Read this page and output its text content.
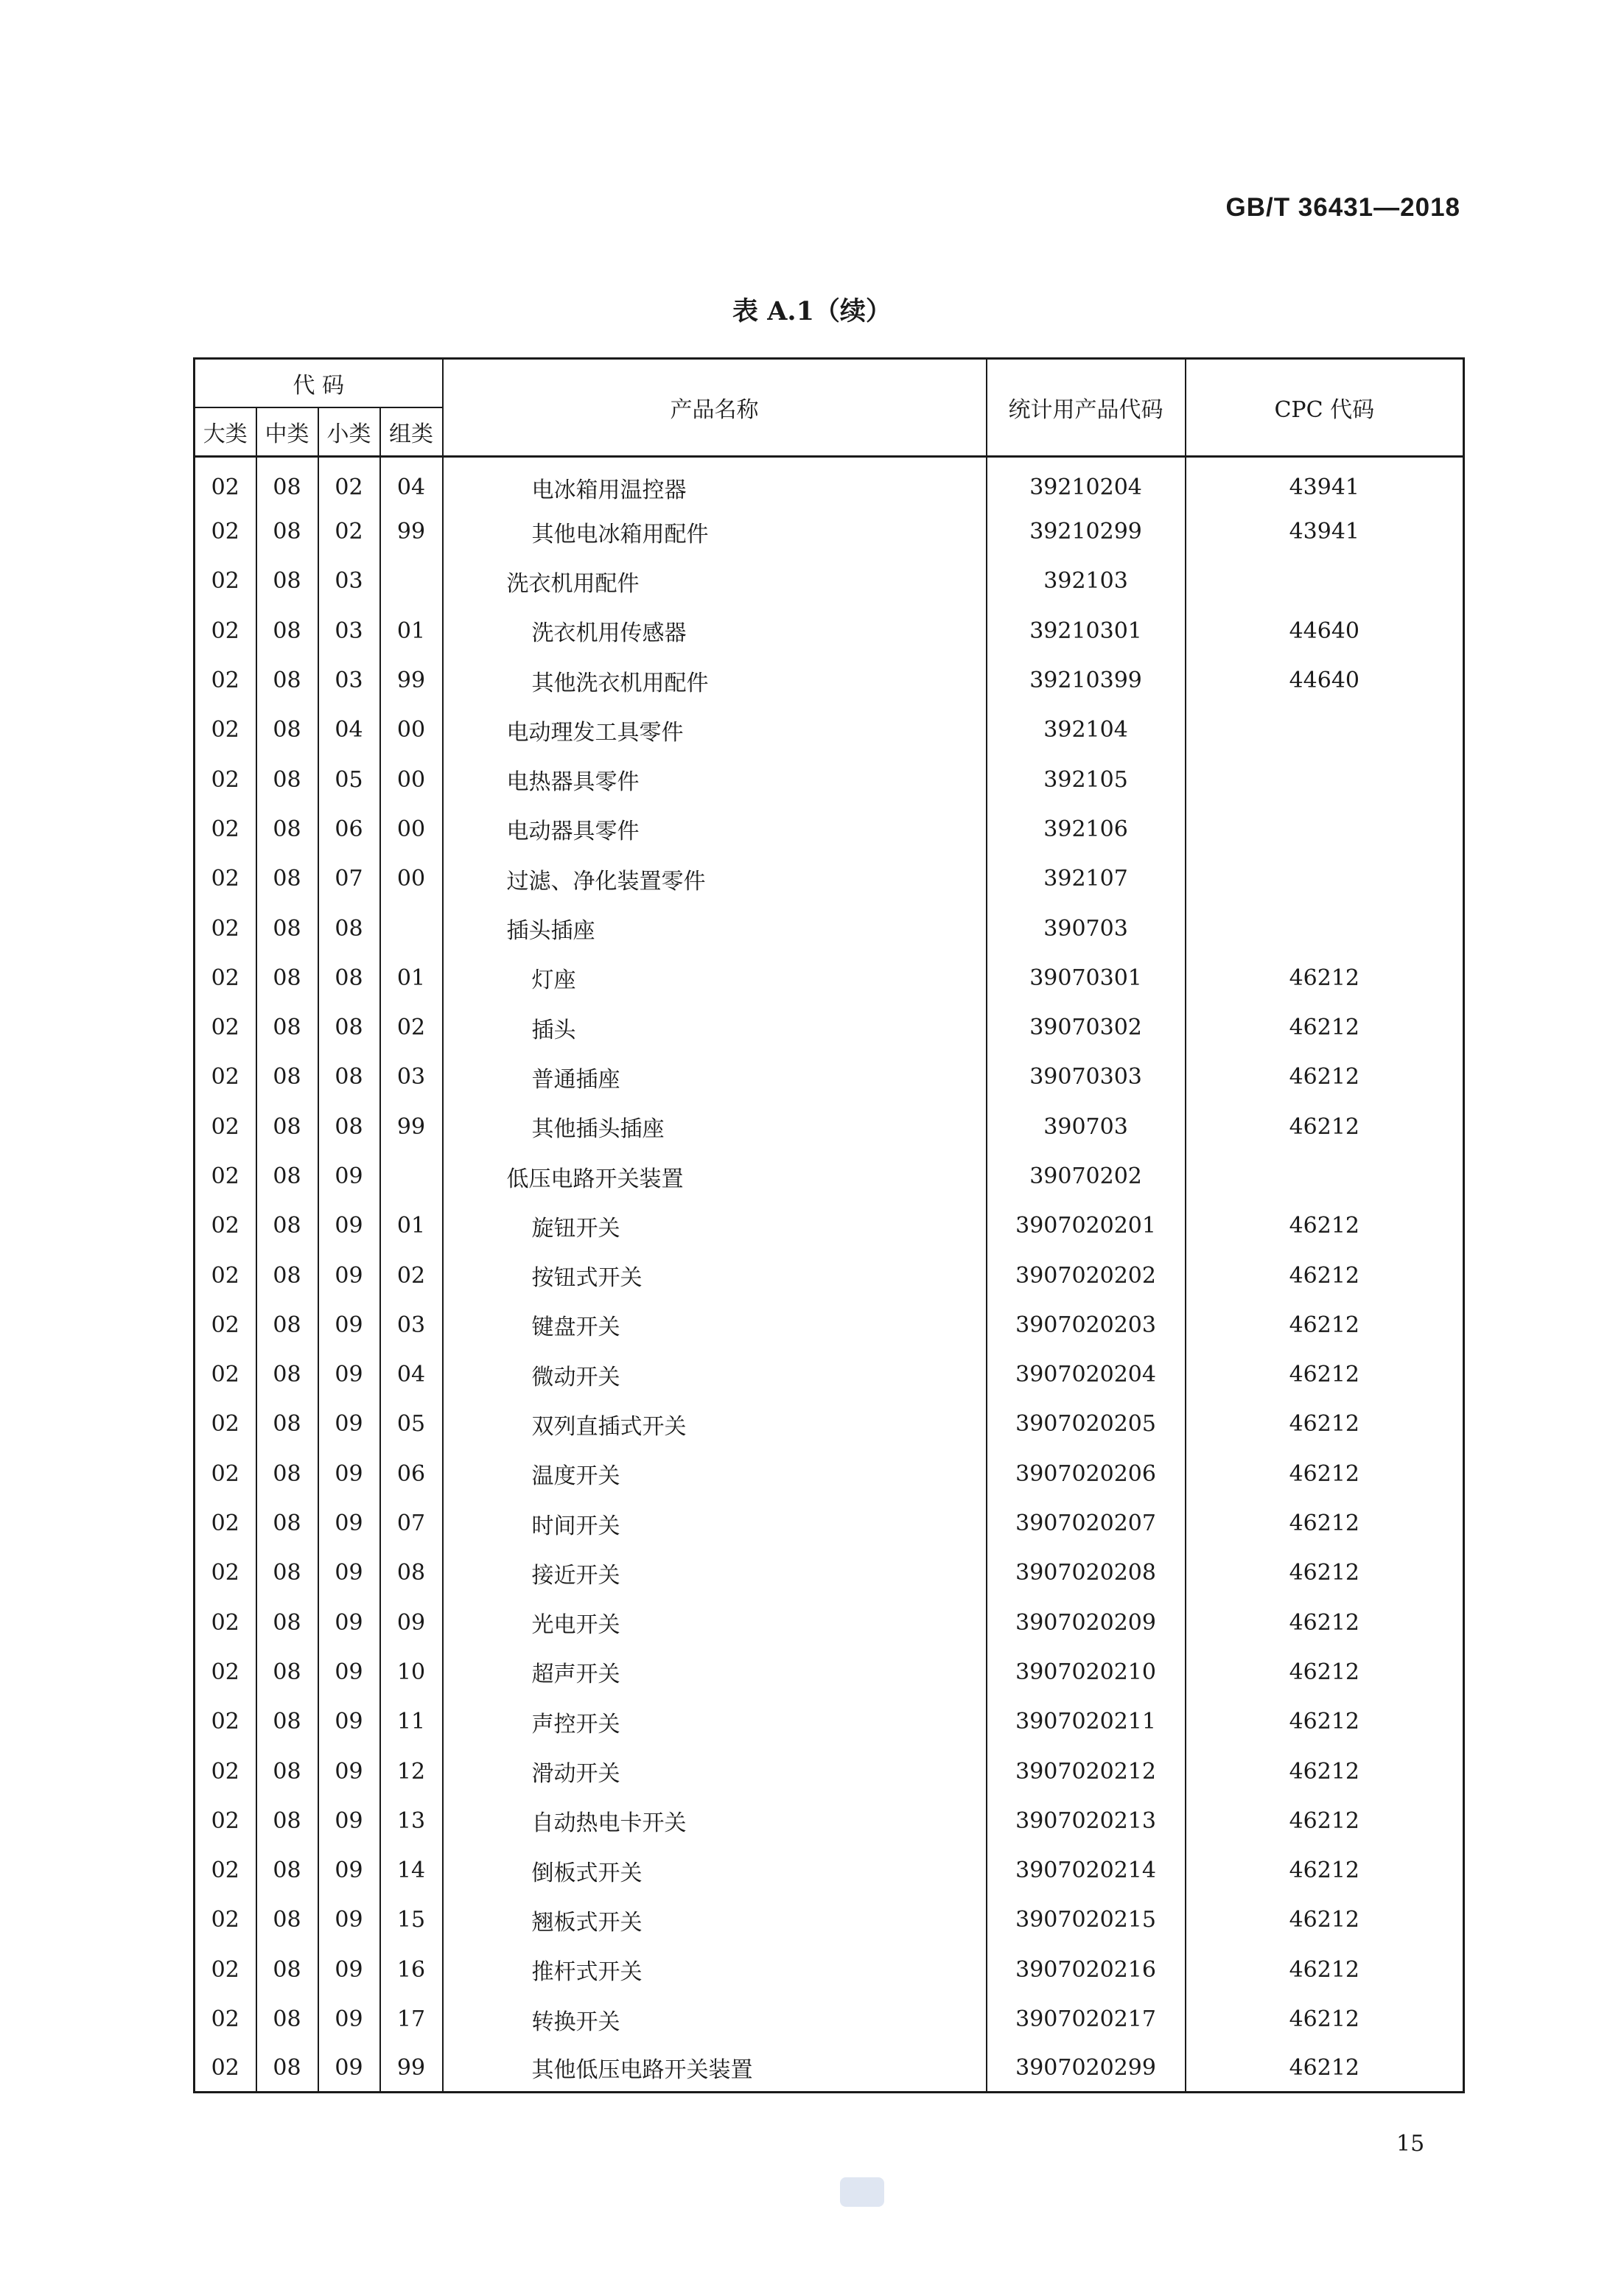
GB/T 36431—2018
表 A.1（续）
代 码				产品名称	统计用产品代码	CPC 代码
大类	中类	小类	组类			
02	08	02	04	电冰箱用温控器	39210204	43941
02	08	02	99	其他电冰箱用配件	39210299	43941
02	08	03		洗衣机用配件	392103	
02	08	03	01	洗衣机用传感器	39210301	44640
02	08	03	99	其他洗衣机用配件	39210399	44640
02	08	04	00	电动理发工具零件	392104	
02	08	05	00	电热器具零件	392105	
02	08	06	00	电动器具零件	392106	
02	08	07	00	过滤、净化装置零件	392107	
02	08	08		插头插座	390703	
02	08	08	01	灯座	39070301	46212
02	08	08	02	插头	39070302	46212
02	08	08	03	普通插座	39070303	46212
02	08	08	99	其他插头插座	390703	46212
02	08	09		低压电路开关装置	39070202	
02	08	09	01	旋钮开关	3907020201	46212
02	08	09	02	按钮式开关	3907020202	46212
02	08	09	03	键盘开关	3907020203	46212
02	08	09	04	微动开关	3907020204	46212
02	08	09	05	双列直插式开关	3907020205	46212
02	08	09	06	温度开关	3907020206	46212
02	08	09	07	时间开关	3907020207	46212
02	08	09	08	接近开关	3907020208	46212
02	08	09	09	光电开关	3907020209	46212
02	08	09	10	超声开关	3907020210	46212
02	08	09	11	声控开关	3907020211	46212
02	08	09	12	滑动开关	3907020212	46212
02	08	09	13	自动热电卡开关	3907020213	46212
02	08	09	14	倒板式开关	3907020214	46212
02	08	09	15	翘板式开关	3907020215	46212
02	08	09	16	推杆式开关	3907020216	46212
02	08	09	17	转换开关	3907020217	46212
02	08	09	99	其他低压电路开关装置	3907020299	46212
15
